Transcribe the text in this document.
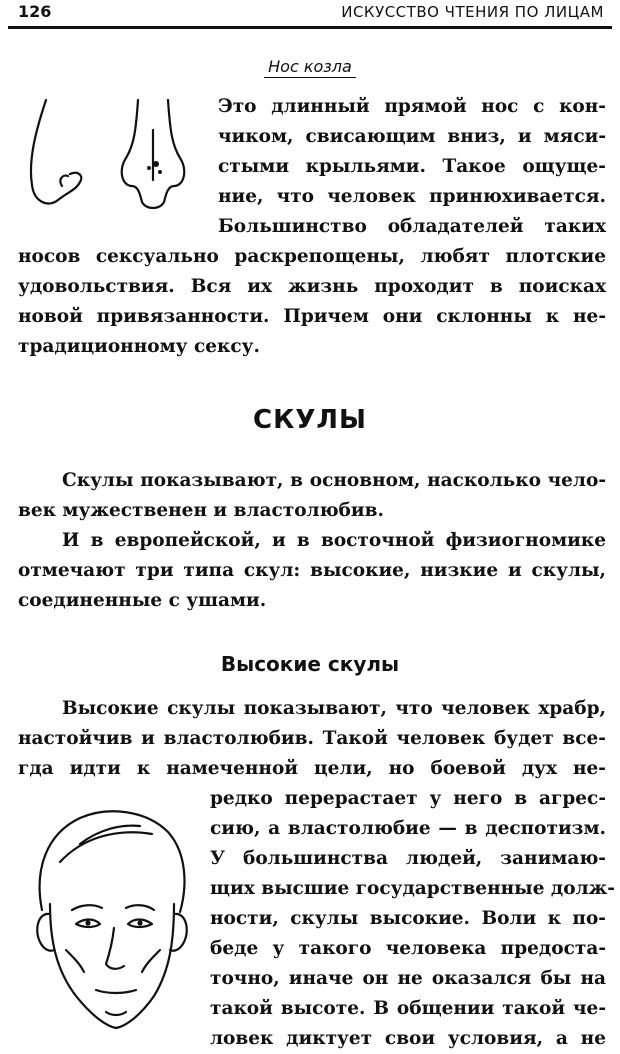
126	ИСКУССТВО ЧТЕНИЯ ПО ЛИЦАМ
Нос козла
Это длинный прямой нос с кон-
чиком, свисающим вниз, и мяси-
стыми крыльями. Такое ощуще-
ние, что человек принюхивается.
Большинство обладателей таких
носов сексуально раскрепощены, любят плотские
удовольствия. Вся их жизнь проходит в поисках
новой привязанности. Причем они склонны к не-
традиционному сексу.
СКУЛЫ
Скулы показывают, в основном, насколько чело-
век мужественен и властолюбив.
И в европейской, и в восточной физиогномике
отмечают три типа скул: высокие, низкие и скулы,
соединенные с ушами.
Высокие скулы
Высокие скулы показывают, что человек храбр,
настойчив и властолюбив. Такой человек будет все-
гда идти к намеченной цели, но боевой дух не-
редко перерастает у него в агрес-
сию, а властолюбие — в деспотизм.
У большинства людей, занимаю-
щих высшие государственные долж-
ности, скулы высокие. Воли к по-
беде у такого человека предоста-
точно, иначе он не оказался бы на
такой высоте. В общении такой че-
ловек диктует свои условия, а не
